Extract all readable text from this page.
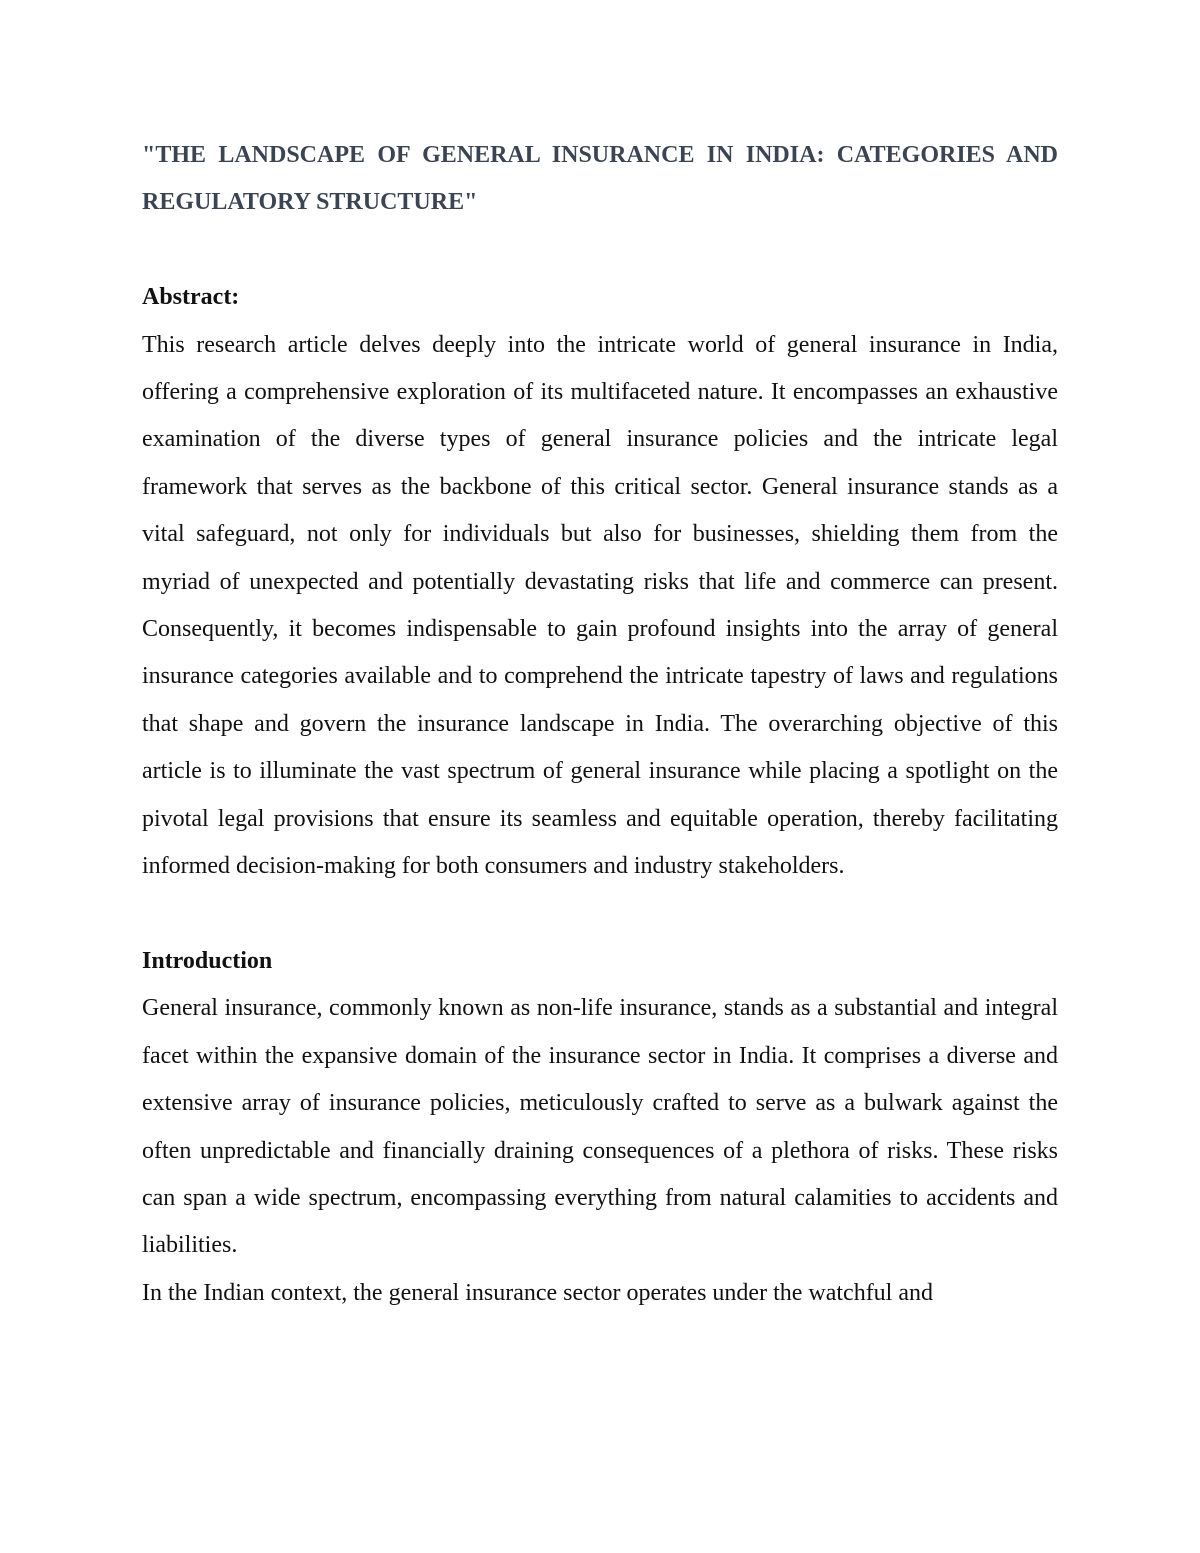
"THE LANDSCAPE OF GENERAL INSURANCE IN INDIA: CATEGORIES AND REGULATORY STRUCTURE"

Abstract:

This research article delves deeply into the intricate world of general insurance in India, offering a comprehensive exploration of its multifaceted nature. It encompasses an exhaustive examination of the diverse types of general insurance policies and the intricate legal framework that serves as the backbone of this critical sector. General insurance stands as a vital safeguard, not only for individuals but also for businesses, shielding them from the myriad of unexpected and potentially devastating risks that life and commerce can present. Consequently, it becomes indispensable to gain profound insights into the array of general insurance categories available and to comprehend the intricate tapestry of laws and regulations that shape and govern the insurance landscape in India. The overarching objective of this article is to illuminate the vast spectrum of general insurance while placing a spotlight on the pivotal legal provisions that ensure its seamless and equitable operation, thereby facilitating informed decision-making for both consumers and industry stakeholders.

Introduction

General insurance, commonly known as non-life insurance, stands as a substantial and integral facet within the expansive domain of the insurance sector in India. It comprises a diverse and extensive array of insurance policies, meticulously crafted to serve as a bulwark against the often unpredictable and financially draining consequences of a plethora of risks. These risks can span a wide spectrum, encompassing everything from natural calamities to accidents and liabilities.

In the Indian context, the general insurance sector operates under the watchful and
